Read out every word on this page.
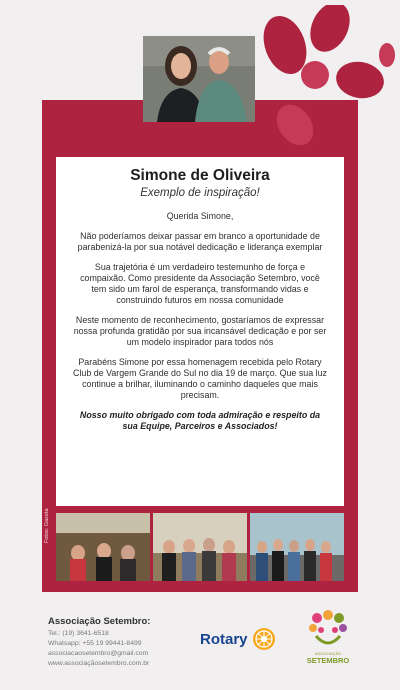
Simone de Oliveira
Exemplo de inspiração!
Querida Simone,
Não poderíamos deixar passar em branco a oportunidade de parabenizá-la por sua notável dedicação e liderança exemplar
Sua trajetória é um verdadeiro testemunho de força e compaixão. Como presidente da Associação Setembro, você tem sido um farol de esperança, transformando vidas e construindo futuros em nossa comunidade
Neste momento de reconhecimento, gostaríamos de expressar nossa profunda gratidão por sua incansável dedicação e por ser um modelo inspirador para todos nós
Parabéns Simone por essa homenagem recebida pelo Rotary Club de Vargem Grande do Sul no dia 19 de março. Que sua luz continue a brilhar, iluminando o caminho daqueles que mais precisam.
Nosso muito obrigado com toda admiração e respeito da sua Equipe, Parceiros e Associados!
Fotos: Gazeta
Associação Setembro:
Tel.: (19) 3641-6518
Whatsapp: +55 19 99441-8499
associacaosetembro@gmail.com
www.associaçãosetembro.com.br
Rotary
ASSOCIAÇÃO
SETEMBRO
